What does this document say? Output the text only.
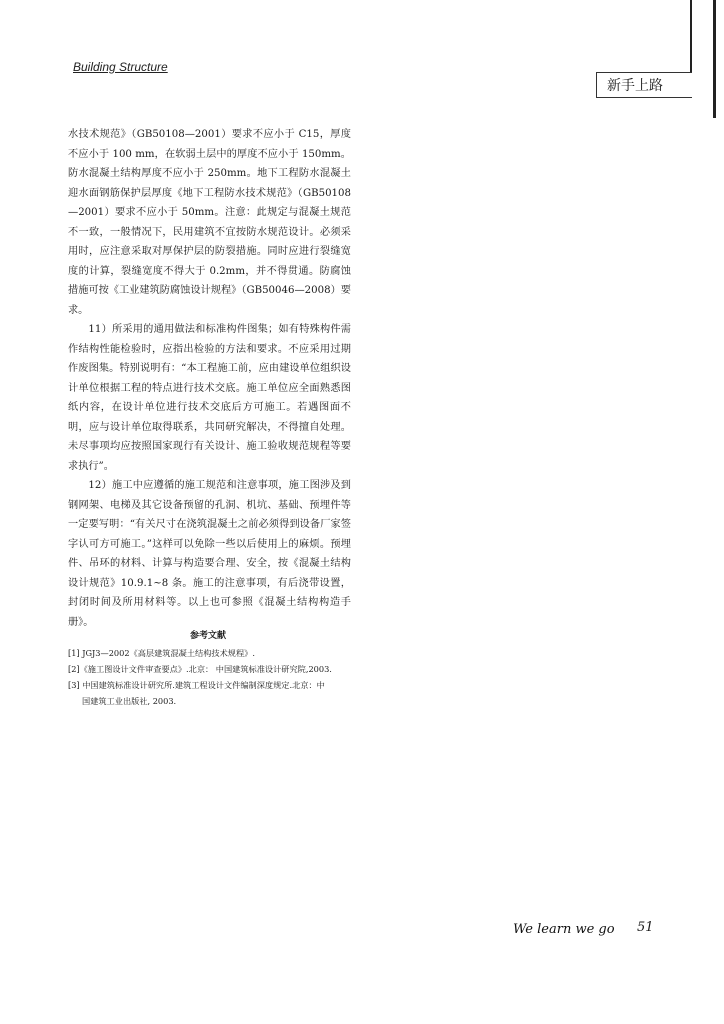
Building Structure
新手上路

水技术规范》（GB50108—2001）要求不应小于 C15，厚度不应小于 100 mm，在软弱土层中的厚度不应小于 150mm。防水混凝土结构厚度不应小于 250mm。地下工程防水混凝土迎水面钢筋保护层厚度《地下工程防水技术规范》（GB50108—2001）要求不应小于 50mm。注意：此规定与混凝土规范不一致，一般情况下，民用建筑不宜按防水规范设计。必须采用时，应注意采取对厚保护层的防裂措施。同时应进行裂缝宽度的计算，裂缝宽度不得大于 0.2mm，并不得贯通。防腐蚀措施可按《工业建筑防腐蚀设计规程》（GB50046—2008）要求。

11）所采用的通用做法和标准构件图集；如有特殊构件需作结构性能检验时，应指出检验的方法和要求。不应采用过期作废图集。特别说明有：“本工程施工前，应由建设单位组织设计单位根据工程的特点进行技术交底。施工单位应全面熟悉图纸内容，在设计单位进行技术交底后方可施工。若遇图面不明，应与设计单位取得联系，共同研究解决，不得擅自处理。未尽事项均应按照国家现行有关设计、施工验收规范规程等要求执行”。

12）施工中应遵循的施工规范和注意事项，施工图涉及到钢网架、电梯及其它设备预留的孔洞、机坑、基础、预埋件等一定要写明：“有关尺寸在浇筑混凝土之前必须得到设备厂家签字认可方可施工。”这样可以免除一些以后使用上的麻烦。预埋件、吊环的材料、计算与构造要合理、安全，按《混凝土结构设计规范》10.9.1~8 条。施工的注意事项，有后浇带设置，封闭时间及所用材料等。以上也可参照《混凝土结构构造手册》。

参考文献

[1] JGJ3—2002《高层建筑混凝土结构技术规程》.

[2]《施工图设计文件审查要点》.北京： 中国建筑标准设计研究院,2003.

[3] 中国建筑标准设计研究所.建筑工程设计文件编制深度规定.北京：中

国建筑工业出版社, 2003.

We learn we go 51
